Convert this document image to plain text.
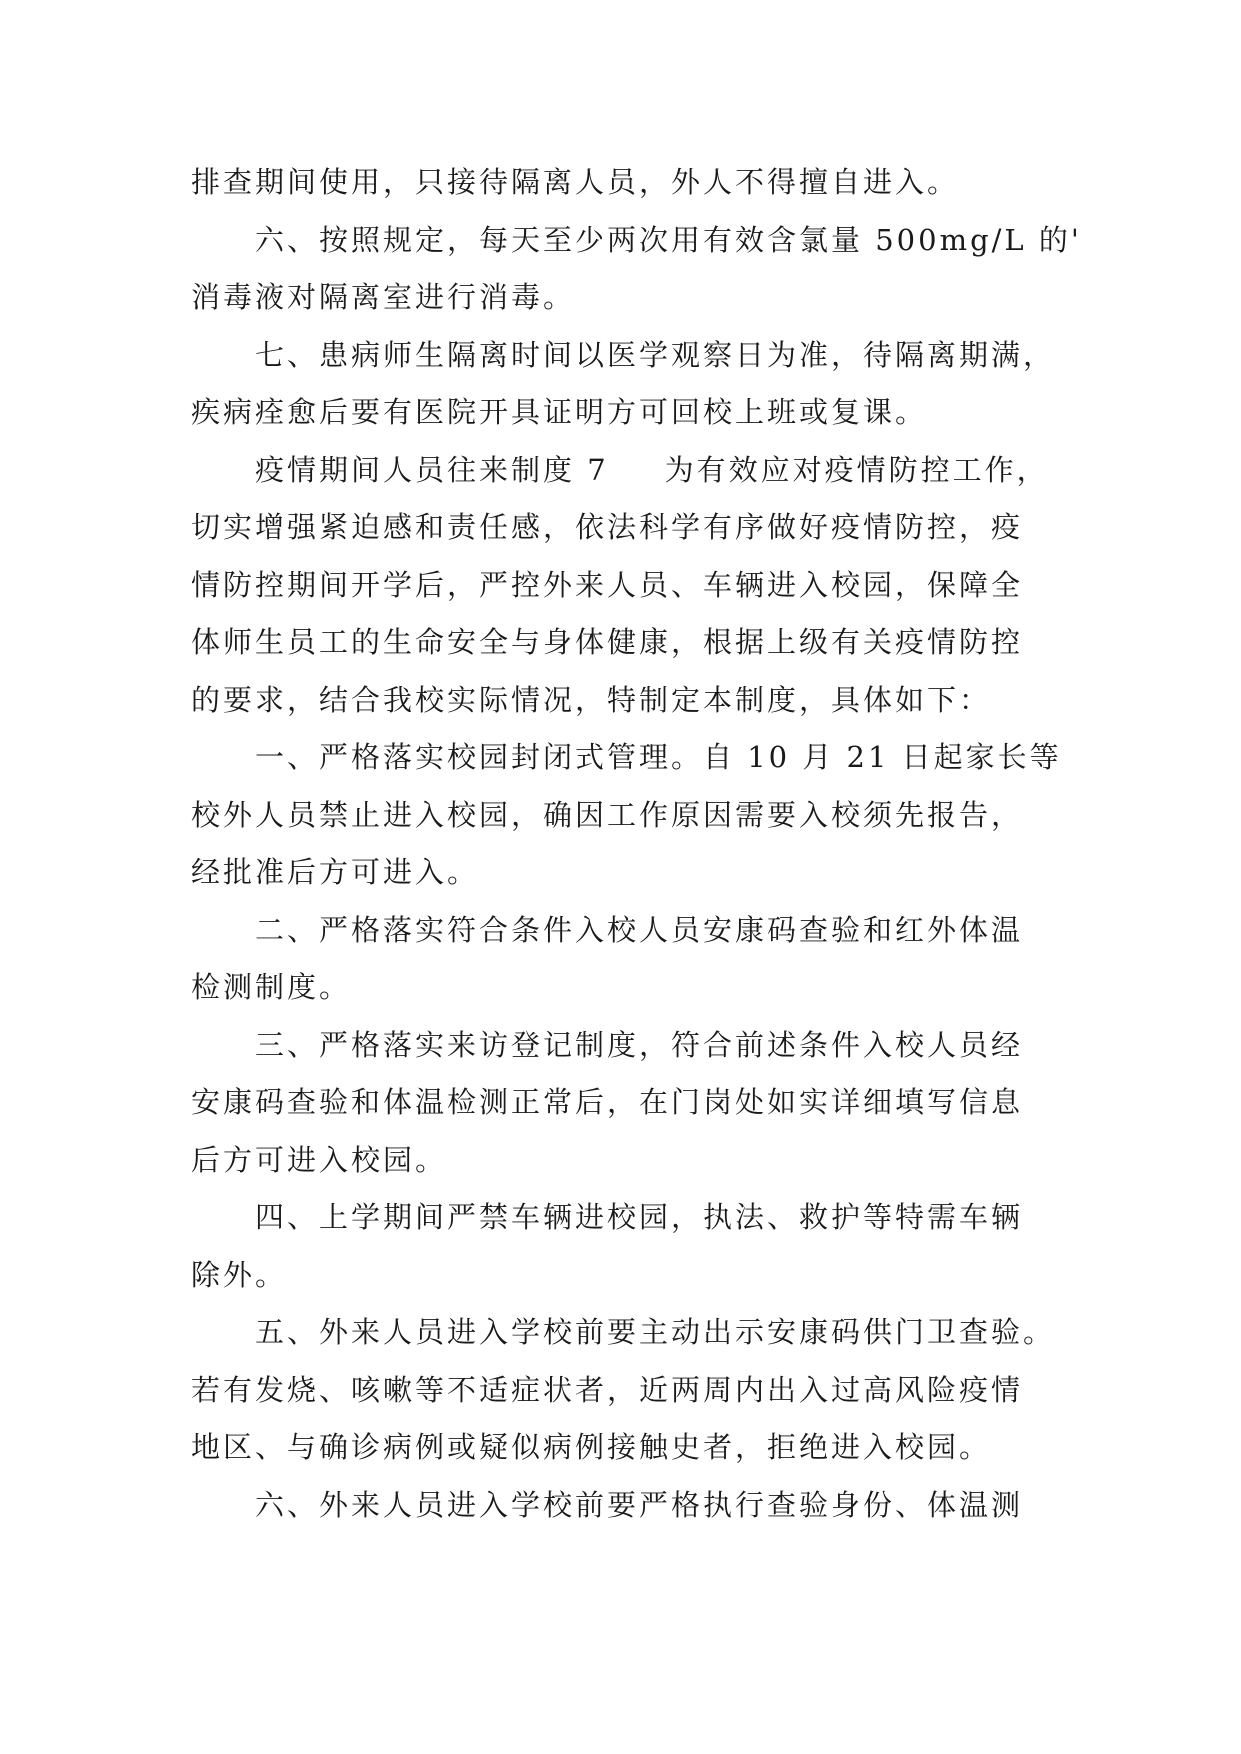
排查期间使用，只接待隔离人员，外人不得擅自进入。
六、按照规定，每天至少两次用有效含氯量 500mg/L 的'
消毒液对隔离室进行消毒。
七、患病师生隔离时间以医学观察日为准，待隔离期满，
疾病痊愈后要有医院开具证明方可回校上班或复课。
疫情期间人员往来制度 7 为有效应对疫情防控工作，
切实增强紧迫感和责任感，依法科学有序做好疫情防控，疫
情防控期间开学后，严控外来人员、车辆进入校园，保障全
体师生员工的生命安全与身体健康，根据上级有关疫情防控
的要求，结合我校实际情况，特制定本制度，具体如下：
一、严格落实校园封闭式管理。自 10 月 21 日起家长等
校外人员禁止进入校园，确因工作原因需要入校须先报告，
经批准后方可进入。
二、严格落实符合条件入校人员安康码查验和红外体温
检测制度。
三、严格落实来访登记制度，符合前述条件入校人员经
安康码查验和体温检测正常后，在门岗处如实详细填写信息
后方可进入校园。
四、上学期间严禁车辆进校园，执法、救护等特需车辆
除外。
五、外来人员进入学校前要主动出示安康码供门卫查验。
若有发烧、咳嗽等不适症状者，近两周内出入过高风险疫情
地区、与确诊病例或疑似病例接触史者，拒绝进入校园。
六、外来人员进入学校前要严格执行查验身份、体温测
